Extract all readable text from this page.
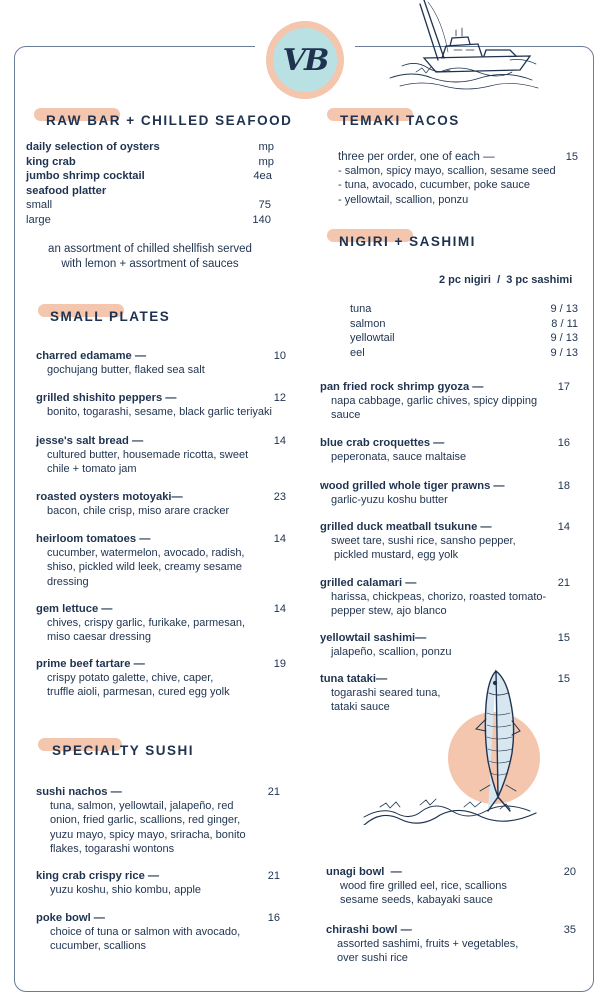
VB
RAW BAR + CHILLED SEAFOOD
daily selection of oysters	mp
king crab	mp
jumbo shrimp cocktail	4ea
seafood platter
small	75
large	140
an assortment of chilled shellfish served
with lemon + assortment of sauces
SMALL PLATES
charred edamame —	10
gochujang butter, flaked sea salt
grilled shishito peppers —	12
bonito, togarashi, sesame, black garlic teriyaki
jesse's salt bread —	14
cultured butter, housemade ricotta, sweet
chile + tomato jam
roasted oysters motoyaki—	23
bacon, chile crisp, miso arare cracker
heirloom tomatoes —	14
cucumber, watermelon, avocado, radish,
shiso, pickled wild leek, creamy sesame
dressing
gem lettuce —	14
chives, crispy garlic, furikake, parmesan,
miso caesar dressing
prime beef tartare —	19
crispy potato galette, chive, caper,
truffle aioli, parmesan, cured egg yolk
SPECIALTY SUSHI
sushi nachos —	21
tuna, salmon, yellowtail, jalapeño, red
onion, fried garlic, scallions, red ginger,
yuzu mayo, spicy mayo, sriracha, bonito
flakes, togarashi wontons
king crab crispy rice —	21
yuzu koshu, shio kombu, apple
poke bowl —	16
choice of tuna or salmon with avocado,
cucumber, scallions
TEMAKI TACOS
three per order, one of each —	15
- salmon, spicy mayo, scallion, sesame seed
- tuna, avocado, cucumber, poke sauce
- yellowtail, scallion, ponzu
NIGIRI + SASHIMI
2 pc nigiri  /  3 pc sashimi
tuna	9 / 13
salmon	8 / 11
yellowtail	9 / 13
eel	9 / 13
pan fried rock shrimp gyoza —	17
napa cabbage, garlic chives, spicy dipping
sauce
blue crab croquettes —	16
peperonata, sauce maltaise
wood grilled whole tiger prawns —	18
garlic-yuzu koshu butter
grilled duck meatball tsukune —	14
sweet tare, sushi rice, sansho pepper,
pickled mustard, egg yolk
grilled calamari —	21
harissa, chickpeas, chorizo, roasted tomato-
pepper stew, ajo blanco
yellowtail sashimi—	15
jalapeño, scallion, ponzu
tuna tataki—	15
togarashi seared tuna,
tataki sauce
unagi bowl  —	20
wood fire grilled eel, rice, scallions
sesame seeds, kabayaki sauce
chirashi bowl —	35
assorted sashimi, fruits + vegetables,
over sushi rice
